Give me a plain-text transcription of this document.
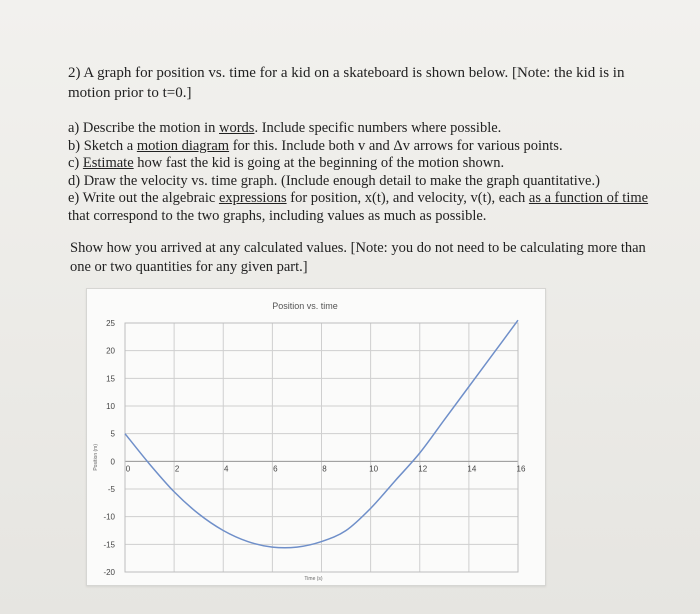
2) A graph for position vs. time for a kid on a skateboard is shown below. [Note: the kid is in motion prior to t=0.]
a) Describe the motion in words. Include specific numbers where possible.
b) Sketch a motion diagram for this. Include both v and Δv arrows for various points.
c) Estimate how fast the kid is going at the beginning of the motion shown.
d) Draw the velocity vs. time graph. (Include enough detail to make the graph quantitative.)
e) Write out the algebraic expressions for position, x(t), and velocity, v(t), each as a function of time that correspond to the two graphs, including values as much as possible.
Show how you arrived at any calculated values. [Note: you do not need to be calculating more than one or two quantities for any given part.]
Position vs. time
25
20
15
10
5
0
-5
-10
-15
-20
0	2	4	6	8	10	12	14	16
Time (s)
Position (m)
